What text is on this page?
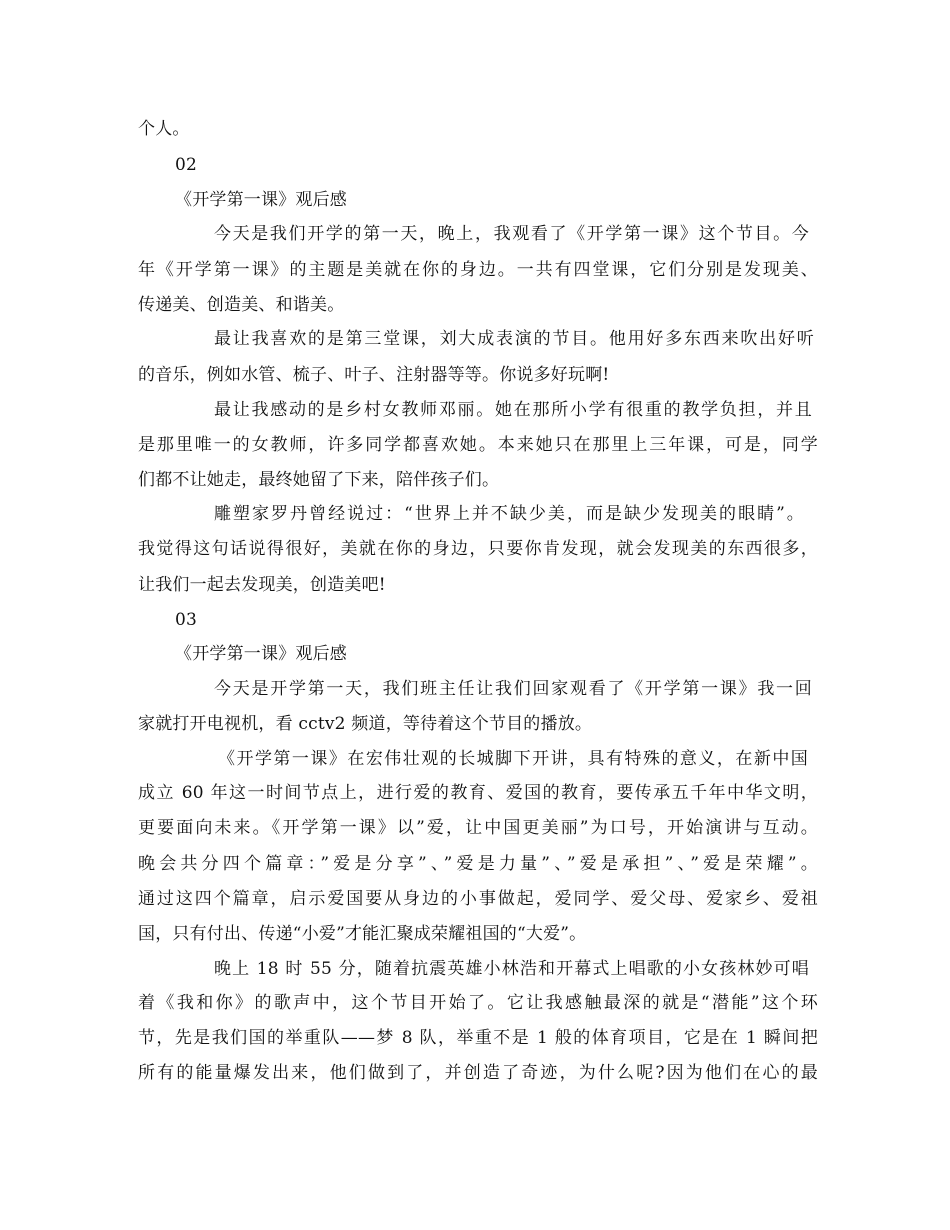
个人。
02
《开学第一课》观后感
今天是我们开学的第一天，晚上，我观看了《开学第一课》这个节目。今
年《开学第一课》的主题是美就在你的身边。一共有四堂课，它们分别是发现美、
传递美、创造美、和谐美。
最让我喜欢的是第三堂课，刘大成表演的节目。他用好多东西来吹出好听
的音乐，例如水管、梳子、叶子、注射器等等。你说多好玩啊!
最让我感动的是乡村女教师邓丽。她在那所小学有很重的教学负担，并且
是那里唯一的女教师，许多同学都喜欢她。本来她只在那里上三年课，可是，同学
们都不让她走，最终她留了下来，陪伴孩子们。
雕塑家罗丹曾经说过：“世界上并不缺少美，而是缺少发现美的眼睛”。
我觉得这句话说得很好，美就在你的身边，只要你肯发现，就会发现美的东西很多，
让我们一起去发现美，创造美吧!
03
《开学第一课》观后感
今天是开学第一天，我们班主任让我们回家观看了《开学第一课》我一回
家就打开电视机，看 cctv2 频道，等待着这个节目的播放。
《开学第一课》在宏伟壮观的长城脚下开讲，具有特殊的意义，在新中国
成立 60 年这一时间节点上，进行爱的教育、爱国的教育，要传承五千年中华文明，
更要面向未来。《开学第一课》以”爱，让中国更美丽”为口号，开始演讲与互动。
晚会共分四个篇章：”爱是分享”、”爱是力量”、”爱是承担”、”爱是荣耀”。
通过这四个篇章，启示爱国要从身边的小事做起，爱同学、爱父母、爱家乡、爱祖
国，只有付出、传递“小爱”才能汇聚成荣耀祖国的“大爱”。
晚上 18 时 55 分，随着抗震英雄小林浩和开幕式上唱歌的小女孩林妙可唱
着《我和你》的歌声中，这个节目开始了。它让我感触最深的就是“潜能”这个环
节，先是我们国的举重队——梦 8 队，举重不是 1 般的体育项目，它是在 1 瞬间把
所有的能量爆发出来，他们做到了，并创造了奇迹，为什么呢?因为他们在心的最
